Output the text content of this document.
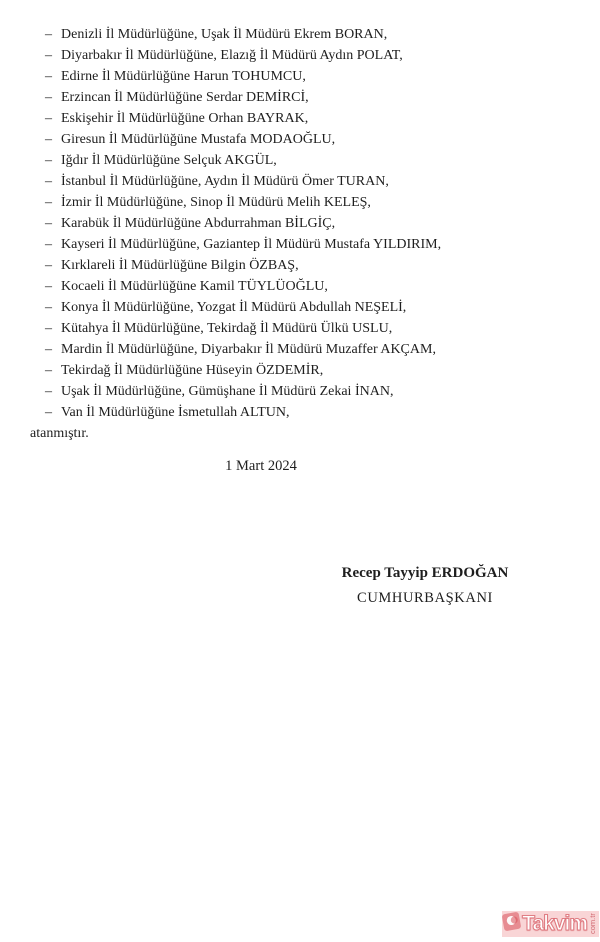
– Denizli İl Müdürlüğüne, Uşak İl Müdürü Ekrem BORAN,

– Diyarbakır İl Müdürlüğüne, Elazığ İl Müdürü Aydın POLAT,

– Edirne İl Müdürlüğüne Harun TOHUMCU,

– Erzincan İl Müdürlüğüne Serdar DEMİRCİ,

– Eskişehir İl Müdürlüğüne Orhan BAYRAK,

– Giresun İl Müdürlüğüne Mustafa MODAOĞLU,

– Iğdır İl Müdürlüğüne Selçuk AKGÜL,

– İstanbul İl Müdürlüğüne, Aydın İl Müdürü Ömer TURAN,

– İzmir İl Müdürlüğüne, Sinop İl Müdürü Melih KELEŞ,

– Karabük İl Müdürlüğüne Abdurrahman BİLGİÇ,

– Kayseri İl Müdürlüğüne, Gaziantep İl Müdürü Mustafa YILDIRIM,

– Kırklareli İl Müdürlüğüne Bilgin ÖZBAŞ,

– Kocaeli İl Müdürlüğüne Kamil TÜYLÜOĞLU,

– Konya İl Müdürlüğüne, Yozgat İl Müdürü Abdullah NEŞELİ,

– Kütahya İl Müdürlüğüne, Tekirdağ İl Müdürü Ülkü USLU,

– Mardin İl Müdürlüğüne, Diyarbakır İl Müdürü Muzaffer AKÇAM,

– Tekirdağ İl Müdürlüğüne Hüseyin ÖZDEMİR,

– Uşak İl Müdürlüğüne, Gümüşhane İl Müdürü Zekai İNAN,

– Van İl Müdürlüğüne İsmetullah ALTUN,

atanmıştır.

1 Mart 2024

Recep Tayyip ERDOĞAN

CUMHURBAŞKANI

Takvim com.tr
